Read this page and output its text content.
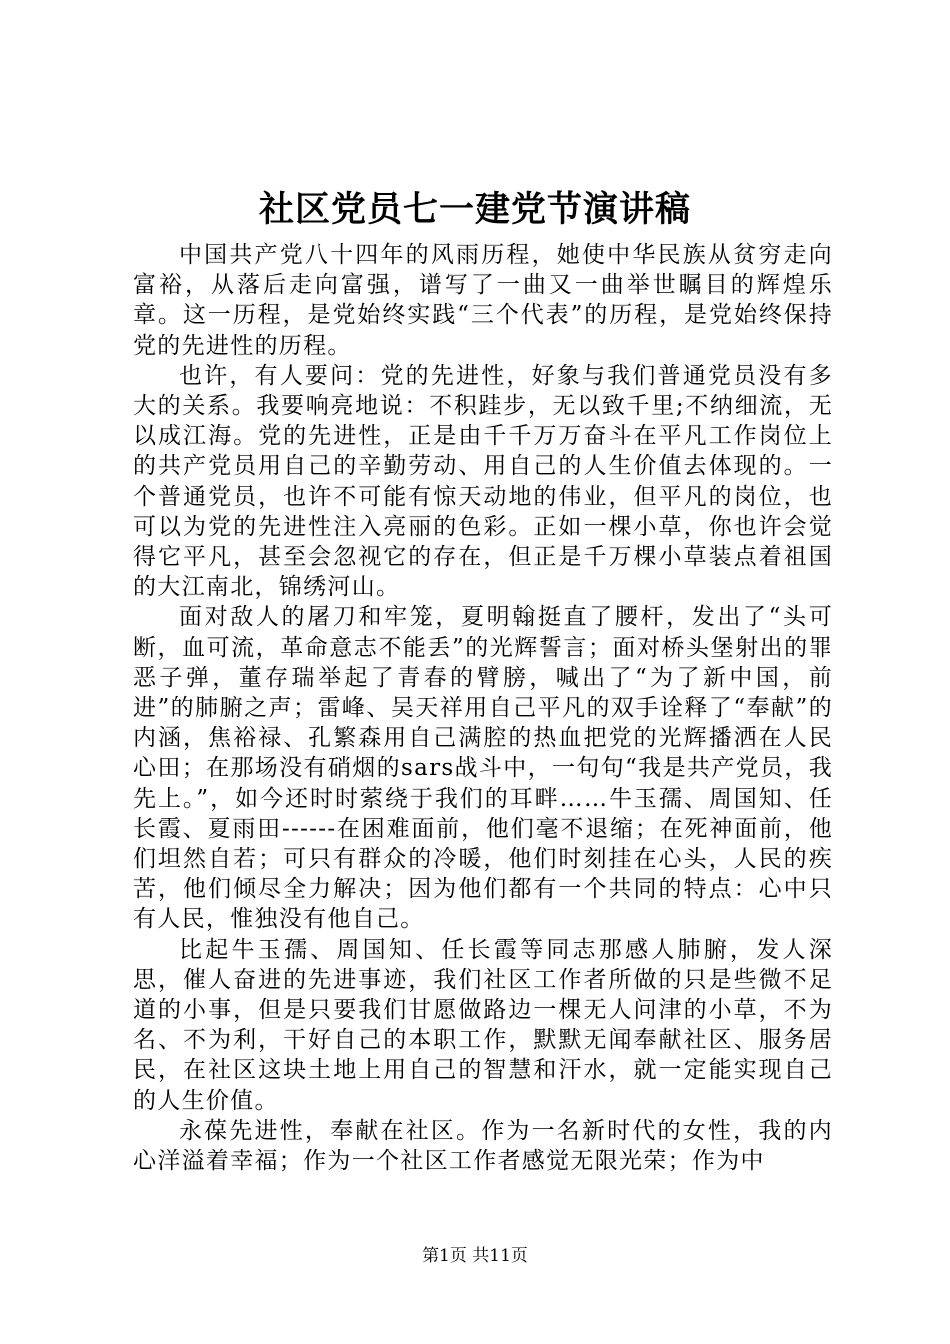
社区党员七一建党节演讲稿

中国共产党八十四年的风雨历程，她使中华民族从贫穷走向富裕，从落后走向富强，谱写了一曲又一曲举世瞩目的辉煌乐章。这一历程，是党始终实践“三个代表”的历程，是党始终保持党的先进性的历程。

也许，有人要问：党的先进性，好象与我们普通党员没有多大的关系。我要响亮地说：不积跬步，无以致千里;不纳细流，无以成江海。党的先进性，正是由千千万万奋斗在平凡工作岗位上的共产党员用自己的辛勤劳动、用自己的人生价值去体现的。一个普通党员，也许不可能有惊天动地的伟业，但平凡的岗位，也可以为党的先进性注入亮丽的色彩。正如一棵小草，你也许会觉得它平凡，甚至会忽视它的存在，但正是千万棵小草装点着祖国的大江南北，锦绣河山。

面对敌人的屠刀和牢笼，夏明翰挺直了腰杆，发出了“头可断，血可流，革命意志不能丢”的光辉誓言；面对桥头堡射出的罪恶子弹，董存瑞举起了青春的臂膀，喊出了“为了新中国，前进”的肺腑之声；雷峰、吴天祥用自己平凡的双手诠释了“奉献”的内涵，焦裕禄、孔繁森用自己满腔的热血把党的光辉播洒在人民心田；在那场没有硝烟的sars战斗中，一句句“我是共产党员，我先上。”，如今还时时萦绕于我们的耳畔……牛玉孺、周国知、任长霞、夏雨田------在困难面前，他们毫不退缩；在死神面前，他们坦然自若；可只有群众的冷暖，他们时刻挂在心头，人民的疾苦，他们倾尽全力解决；因为他们都有一个共同的特点：心中只有人民，惟独没有他自己。

比起牛玉孺、周国知、任长霞等同志那感人肺腑，发人深思，催人奋进的先进事迹，我们社区工作者所做的只是些微不足道的小事，但是只要我们甘愿做路边一棵无人问津的小草，不为名、不为利，干好自己的本职工作，默默无闻奉献社区、服务居民，在社区这块土地上用自己的智慧和汗水，就一定能实现自己的人生价值。

永葆先进性，奉献在社区。作为一名新时代的女性，我的内心洋溢着幸福；作为一个社区工作者感觉无限光荣；作为中

第1页 共11页
